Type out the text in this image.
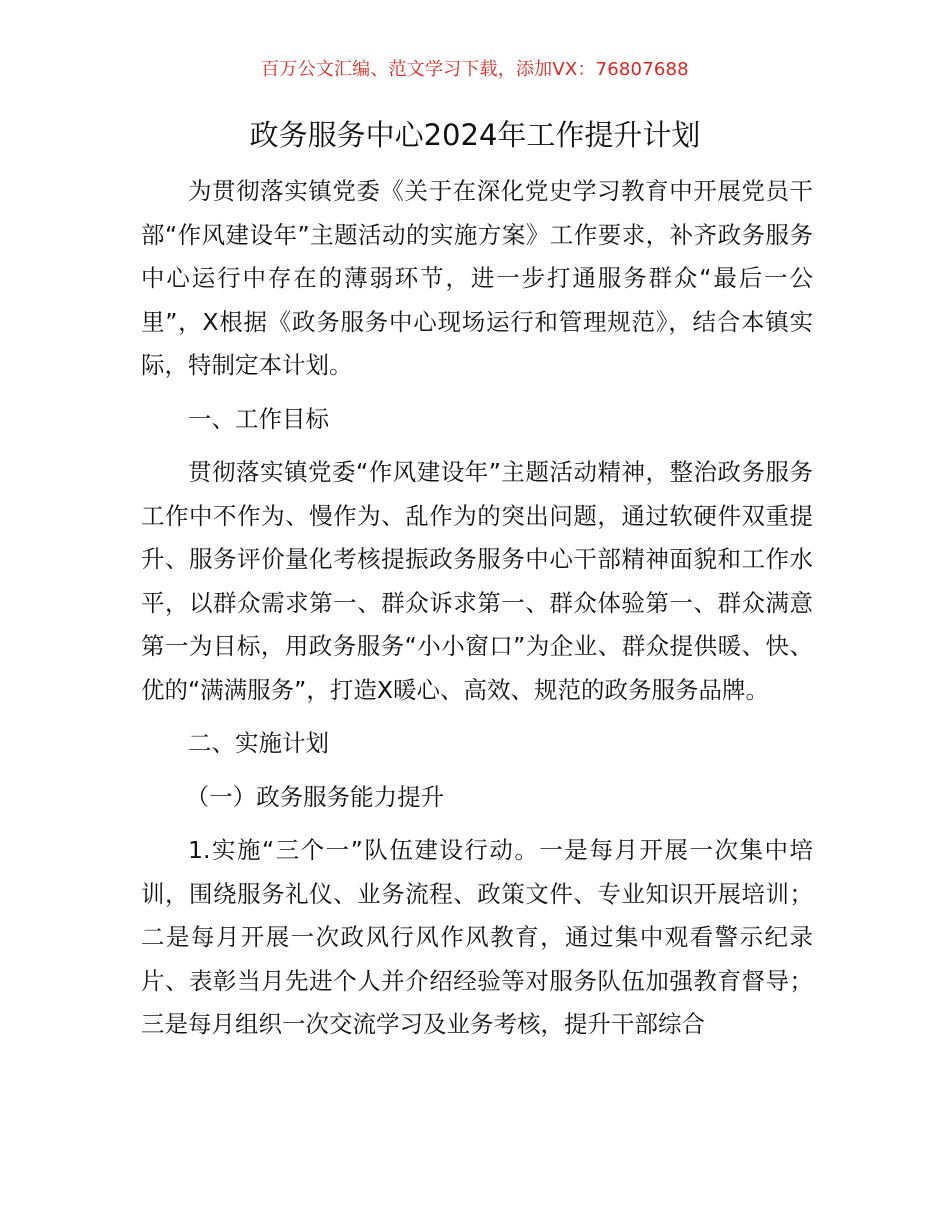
百万公文汇编、范文学习下载，添加VX：76807688
政务服务中心2024年工作提升计划

为贯彻落实镇党委《关于在深化党史学习教育中开展党员干部“作风建设年”主题活动的实施方案》工作要求，补齐政务服务中心运行中存在的薄弱环节，进一步打通服务群众“最后一公里”，X根据《政务服务中心现场运行和管理规范》，结合本镇实际，特制定本计划。

一、工作目标

贯彻落实镇党委“作风建设年”主题活动精神，整治政务服务工作中不作为、慢作为、乱作为的突出问题，通过软硬件双重提升、服务评价量化考核提振政务服务中心干部精神面貌和工作水平，以群众需求第一、群众诉求第一、群众体验第一、群众满意第一为目标，用政务服务“小小窗口”为企业、群众提供暖、快、优的“满满服务”，打造X暖心、高效、规范的政务服务品牌。

二、实施计划

（一）政务服务能力提升

1.实施“三个一”队伍建设行动。一是每月开展一次集中培训，围绕服务礼仪、业务流程、政策文件、专业知识开展培训；二是每月开展一次政风行风作风教育，通过集中观看警示纪录片、表彰当月先进个人并介绍经验等对服务队伍加强教育督导；三是每月组织一次交流学习及业务考核，提升干部综合
